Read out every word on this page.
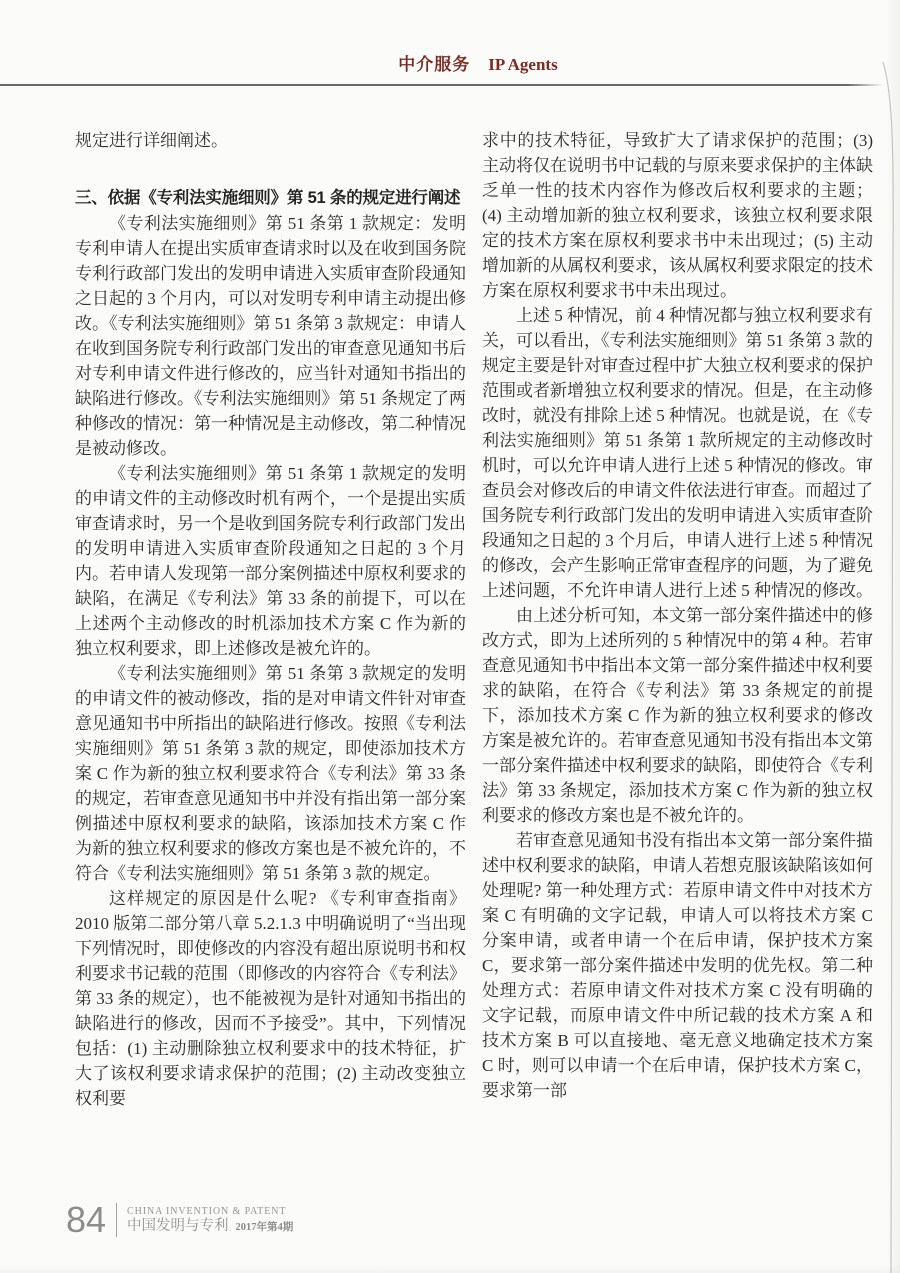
中介服务 IP Agents

规定进行详细阐述。

三、依据《专利法实施细则》第 51 条的规定进行阐述

《专利法实施细则》第 51 条第 1 款规定：发明专利申请人在提出实质审查请求时以及在收到国务院专利行政部门发出的发明申请进入实质审查阶段通知之日起的 3 个月内，可以对发明专利申请主动提出修改。《专利法实施细则》第 51 条第 3 款规定：申请人在收到国务院专利行政部门发出的审查意见通知书后对专利申请文件进行修改的，应当针对通知书指出的缺陷进行修改。《专利法实施细则》第 51 条规定了两种修改的情况：第一种情况是主动修改，第二种情况是被动修改。

《专利法实施细则》第 51 条第 1 款规定的发明的申请文件的主动修改时机有两个，一个是提出实质审查请求时，另一个是收到国务院专利行政部门发出的发明申请进入实质审查阶段通知之日起的 3 个月内。若申请人发现第一部分案例描述中原权利要求的缺陷，在满足《专利法》第 33 条的前提下，可以在上述两个主动修改的时机添加技术方案 C 作为新的独立权利要求，即上述修改是被允许的。

《专利法实施细则》第 51 条第 3 款规定的发明的申请文件的被动修改，指的是对申请文件针对审查意见通知书中所指出的缺陷进行修改。按照《专利法实施细则》第 51 条第 3 款的规定，即使添加技术方案 C 作为新的独立权利要求符合《专利法》第 33 条的规定，若审查意见通知书中并没有指出第一部分案例描述中原权利要求的缺陷，该添加技术方案 C 作为新的独立权利要求的修改方案也是不被允许的，不符合《专利法实施细则》第 51 条第 3 款的规定。

这样规定的原因是什么呢? 《专利审查指南》2010 版第二部分第八章 5.2.1.3 中明确说明了“当出现下列情况时，即使修改的内容没有超出原说明书和权利要求书记载的范围（即修改的内容符合《专利法》第 33 条的规定），也不能被视为是针对通知书指出的缺陷进行的修改，因而不予接受”。其中，下列情况包括：(1) 主动删除独立权利要求中的技术特征，扩大了该权利要求请求保护的范围；(2) 主动改变独立权利要

求中的技术特征，导致扩大了请求保护的范围；(3) 主动将仅在说明书中记载的与原来要求保护的主体缺乏单一性的技术内容作为修改后权利要求的主题；(4) 主动增加新的独立权利要求，该独立权利要求限定的技术方案在原权利要求书中未出现过；(5) 主动增加新的从属权利要求，该从属权利要求限定的技术方案在原权利要求书中未出现过。

上述 5 种情况，前 4 种情况都与独立权利要求有关，可以看出，《专利法实施细则》第 51 条第 3 款的规定主要是针对审查过程中扩大独立权利要求的保护范围或者新增独立权利要求的情况。但是，在主动修改时，就没有排除上述 5 种情况。也就是说，在《专利法实施细则》第 51 条第 1 款所规定的主动修改时机时，可以允许申请人进行上述 5 种情况的修改。审查员会对修改后的申请文件依法进行审查。而超过了国务院专利行政部门发出的发明申请进入实质审查阶段通知之日起的 3 个月后，申请人进行上述 5 种情况的修改，会产生影响正常审查程序的问题，为了避免上述问题，不允许申请人进行上述 5 种情况的修改。

由上述分析可知，本文第一部分案件描述中的修改方式，即为上述所列的 5 种情况中的第 4 种。若审查意见通知书中指出本文第一部分案件描述中权利要求的缺陷，在符合《专利法》第 33 条规定的前提下，添加技术方案 C 作为新的独立权利要求的修改方案是被允许的。若审查意见通知书没有指出本文第一部分案件描述中权利要求的缺陷，即使符合《专利法》第 33 条规定，添加技术方案 C 作为新的独立权利要求的修改方案也是不被允许的。

若审查意见通知书没有指出本文第一部分案件描述中权利要求的缺陷，申请人若想克服该缺陷该如何处理呢? 第一种处理方式：若原申请文件中对技术方案 C 有明确的文字记载，申请人可以将技术方案 C 分案申请，或者申请一个在后申请，保护技术方案 C，要求第一部分案件描述中发明的优先权。第二种处理方式：若原申请文件对技术方案 C 没有明确的文字记载，而原申请文件中所记载的技术方案 A 和技术方案 B 可以直接地、毫无意义地确定技术方案 C 时，则可以申请一个在后申请，保护技术方案 C，要求第一部

84 CHINA INVENTION & PATENT
中国发明与专利 2017年第4期
